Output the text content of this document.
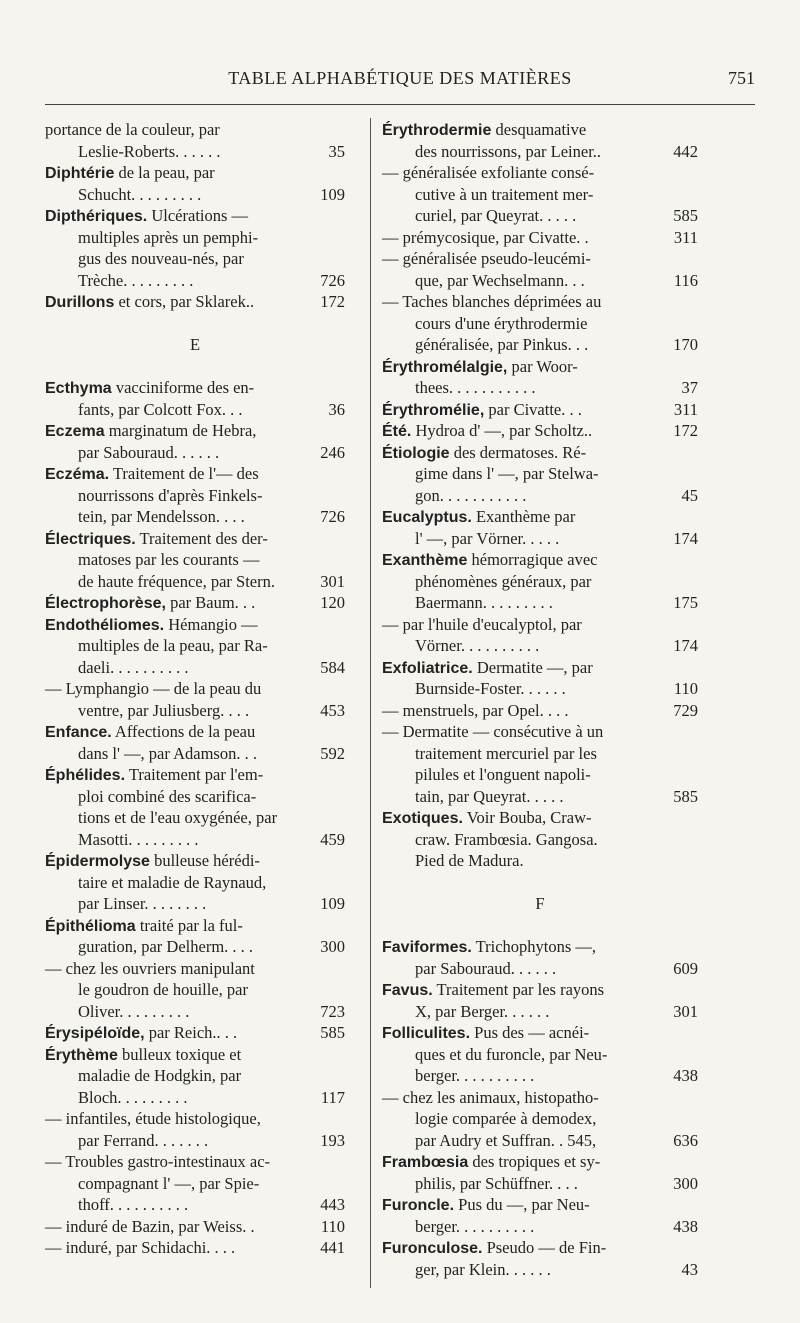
TABLE ALPHABÉTIQUE DES MATIÈRES	751
portance de la couleur, par
Leslie-Roberts. . . . . .	35
Diphtérie de la peau, par
Schucht. . . . . . . . .	109
Dipthériques. Ulcérations —
multiples après un pemphi-
gus des nouveau-nés, par
Trèche. . . . . . . . .	726
Durillons et cors, par Sklarek..	172
E
Ecthyma vacciniforme des en-
fants, par Colcott Fox. . .	36
Eczema marginatum de Hebra,
par Sabouraud. . . . . .	246
Eczéma. Traitement de l'— des
nourrissons d'après Finkels-
tein, par Mendelsson. . . .	726
Électriques. Traitement des der-
matoses par les courants —
de haute fréquence, par Stern.	301
Électrophorèse, par Baum. . .	120
Endothéliomes. Hémangio —
multiples de la peau, par Ra-
daeli. . . . . . . . . .	584
— Lymphangio — de la peau du
ventre, par Juliusberg. . . .	453
Enfance. Affections de la peau
dans l' —, par Adamson. . .	592
Éphélides. Traitement par l'em-
ploi combiné des scarifica-
tions et de l'eau oxygénée, par
Masotti. . . . . . . . .	459
Épidermolyse bulleuse hérédi-
taire et maladie de Raynaud,
par Linser. . . . . . . .	109
Épithélioma traité par la ful-
guration, par Delherm. . . .	300
— chez les ouvriers manipulant
le goudron de houille, par
Oliver. . . . . . . . .	723
Érysipéloïde, par Reich.. . .	585
Érythème bulleux toxique et
maladie de Hodgkin, par
Bloch. . . . . . . . .	117
— infantiles, étude histologique,
par Ferrand. . . . . . .	193
— Troubles gastro-intestinaux ac-
compagnant l' —, par Spie-
thoff. . . . . . . . . .	443
— induré de Bazin, par Weiss. .	110
— induré, par Schidachi. . . .	441
Érythrodermie desquamative
des nourrissons, par Leiner..	442
— généralisée exfoliante consé-
cutive à un traitement mer-
curiel, par Queyrat. . . . .	585
— prémycosique, par Civatte. .	311
— généralisée pseudo-leucémi-
que, par Wechselmann. . .	116
— Taches blanches déprimées au
cours d'une érythrodermie
généralisée, par Pinkus. . .	170
Érythromélalgie, par Woor-
thees. . . . . . . . . . .	37
Érythromélie, par Civatte. . .	311
Été. Hydroa d' —, par Scholtz..	172
Étiologie des dermatoses. Ré-
gime dans l' —, par Stelwa-
gon. . . . . . . . . . .	45
Eucalyptus. Exanthème par
l' —, par Vörner. . . . .	174
Exanthème hémorragique avec
phénomènes généraux, par
Baermann. . . . . . . . .	175
— par l'huile d'eucalyptol, par
Vörner. . . . . . . . . .	174
Exfoliatrice. Dermatite —, par
Burnside-Foster. . . . . .	110
— menstruels, par Opel. . . .	729
— Dermatite — consécutive à un
traitement mercuriel par les
pilules et l'onguent napoli-
tain, par Queyrat. . . . .	585
Exotiques. Voir Bouba, Craw-
craw. Frambœsia. Gangosa.
Pied de Madura.
F
Faviformes. Trichophytons —,
par Sabouraud. . . . . .	609
Favus. Traitement par les rayons
X, par Berger. . . . . .	301
Folliculites. Pus des — acnéi-
ques et du furoncle, par Neu-
berger. . . . . . . . . .	438
— chez les animaux, histopatho-
logie comparée à demodex,
par Audry et Suffran. . 545,	636
Frambœsia des tropiques et sy-
philis, par Schüffner. . . .	300
Furoncle. Pus du —, par Neu-
berger. . . . . . . . . .	438
Furonculose. Pseudo — de Fin-
ger, par Klein. . . . . .	43
